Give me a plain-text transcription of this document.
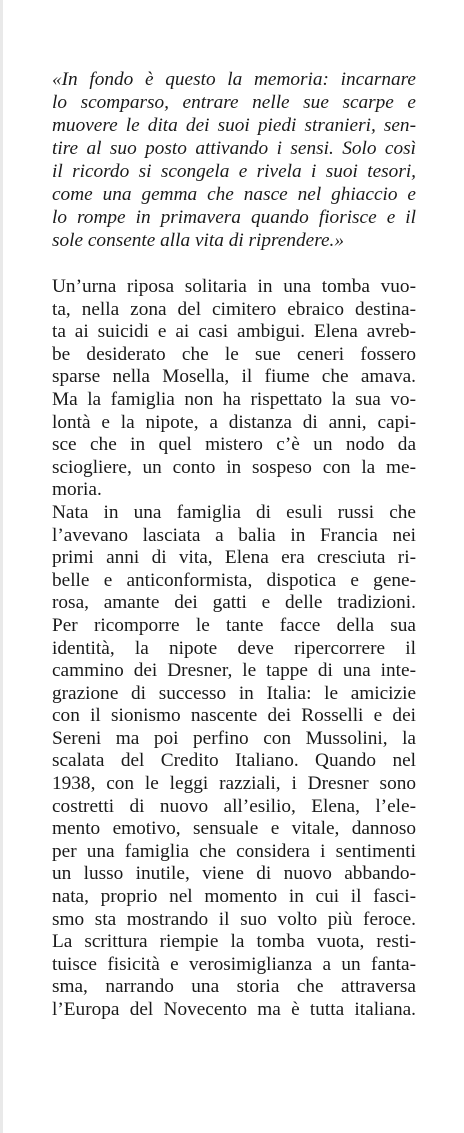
«In fondo è questo la memoria: incarnare
lo scomparso, entrare nelle sue scarpe e
muovere le dita dei suoi piedi stranieri, sen-
tire al suo posto attivando i sensi. Solo così
il ricordo si scongela e rivela i suoi tesori,
come una gemma che nasce nel ghiaccio e
lo rompe in primavera quando fiorisce e il
sole consente alla vita di riprendere.»
Un’urna riposa solitaria in una tomba vuo-
ta, nella zona del cimitero ebraico destina-
ta ai suicidi e ai casi ambigui. Elena avreb-
be desiderato che le sue ceneri fossero
sparse nella Mosella, il fiume che amava.
Ma la famiglia non ha rispettato la sua vo-
lontà e la nipote, a distanza di anni, capi-
sce che in quel mistero c’è un nodo da
sciogliere, un conto in sospeso con la me-
moria.
Nata in una famiglia di esuli russi che
l’avevano lasciata a balia in Francia nei
primi anni di vita, Elena era cresciuta ri-
belle e anticonformista, dispotica e gene-
rosa, amante dei gatti e delle tradizioni.
Per ricomporre le tante facce della sua
identità, la nipote deve ripercorrere il
cammino dei Dresner, le tappe di una inte-
grazione di successo in Italia: le amicizie
con il sionismo nascente dei Rosselli e dei
Sereni ma poi perfino con Mussolini, la
scalata del Credito Italiano. Quando nel
1938, con le leggi razziali, i Dresner sono
costretti di nuovo all’esilio, Elena, l’ele-
mento emotivo, sensuale e vitale, dannoso
per una famiglia che considera i sentimenti
un lusso inutile, viene di nuovo abbando-
nata, proprio nel momento in cui il fasci-
smo sta mostrando il suo volto più feroce.
La scrittura riempie la tomba vuota, resti-
tuisce fisicità e verosimiglianza a un fanta-
sma, narrando una storia che attraversa
l’Europa del Novecento ma è tutta italiana.
